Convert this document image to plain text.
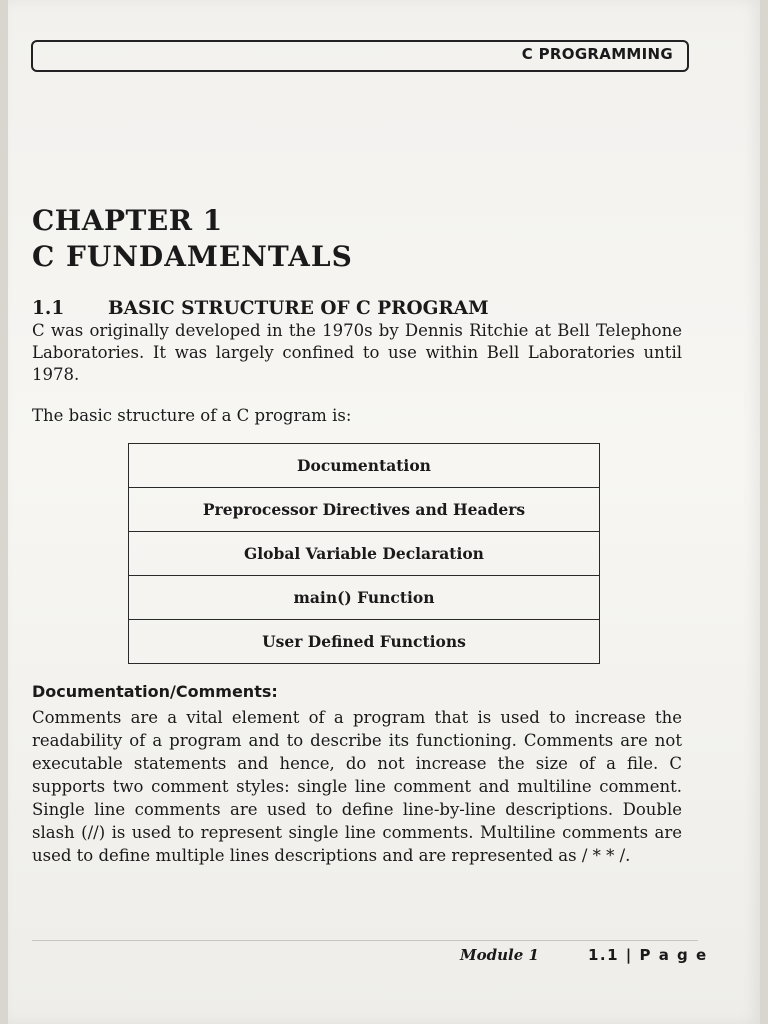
C PROGRAMMING
CHAPTER 1
C FUNDAMENTALS
1.1 BASIC STRUCTURE OF C PROGRAM
C was originally developed in the 1970s by Dennis Ritchie at Bell Telephone Laboratories. It was largely confined to use within Bell Laboratories until 1978.
The basic structure of a C program is:
Documentation
Preprocessor Directives and Headers
Global Variable Declaration
main() Function
User Defined Functions
Documentation/Comments:
Comments are a vital element of a program that is used to increase the readability of a program and to describe its functioning. Comments are not executable statements and hence, do not increase the size of a file. C supports two comment styles: single line comment and multiline comment. Single line comments are used to define line-by-line descriptions. Double slash (//) is used to represent single line comments. Multiline comments are used to define multiple lines descriptions and are represented as / * * /.
Module 1	1.1 | P a g e
